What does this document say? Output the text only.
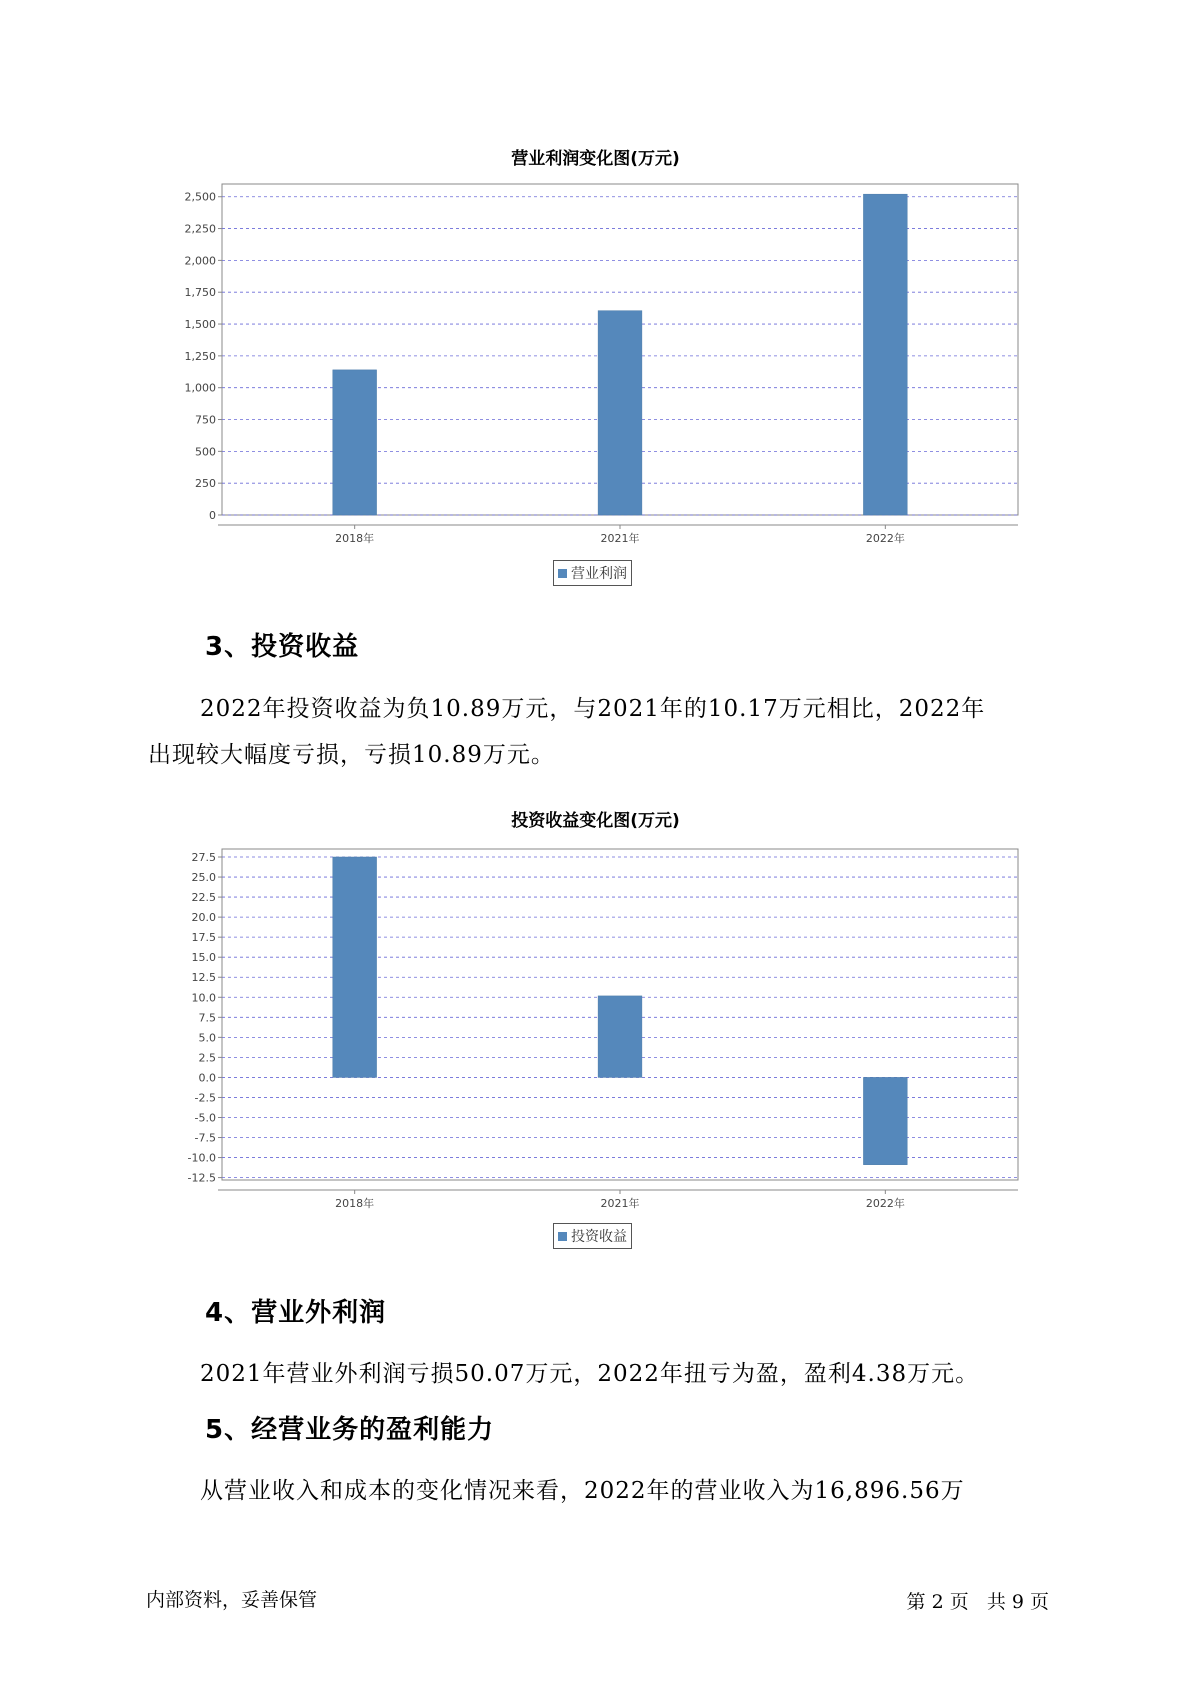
营业利润变化图(万元)
0
250
500
750
1,000
1,250
1,500
1,750
2,000
2,250
2,500
2018年	2021年	2022年
营业利润
3、投资收益
2022年投资收益为负10.89万元，与2021年的10.17万元相比，2022年
出现较大幅度亏损，亏损10.89万元。
投资收益变化图(万元)
-12.5
-10.0
-7.5
-5.0
-2.5
0.0
2.5
5.0
7.5
10.0
12.5
15.0
17.5
20.0
22.5
25.0
27.5
2018年	2021年	2022年
投资收益
4、营业外利润
2021年营业外利润亏损50.07万元，2022年扭亏为盈，盈利4.38万元。
5、经营业务的盈利能力
从营业收入和成本的变化情况来看，2022年的营业收入为16,896.56万
内部资料，妥善保管	第 2 页   共 9 页
